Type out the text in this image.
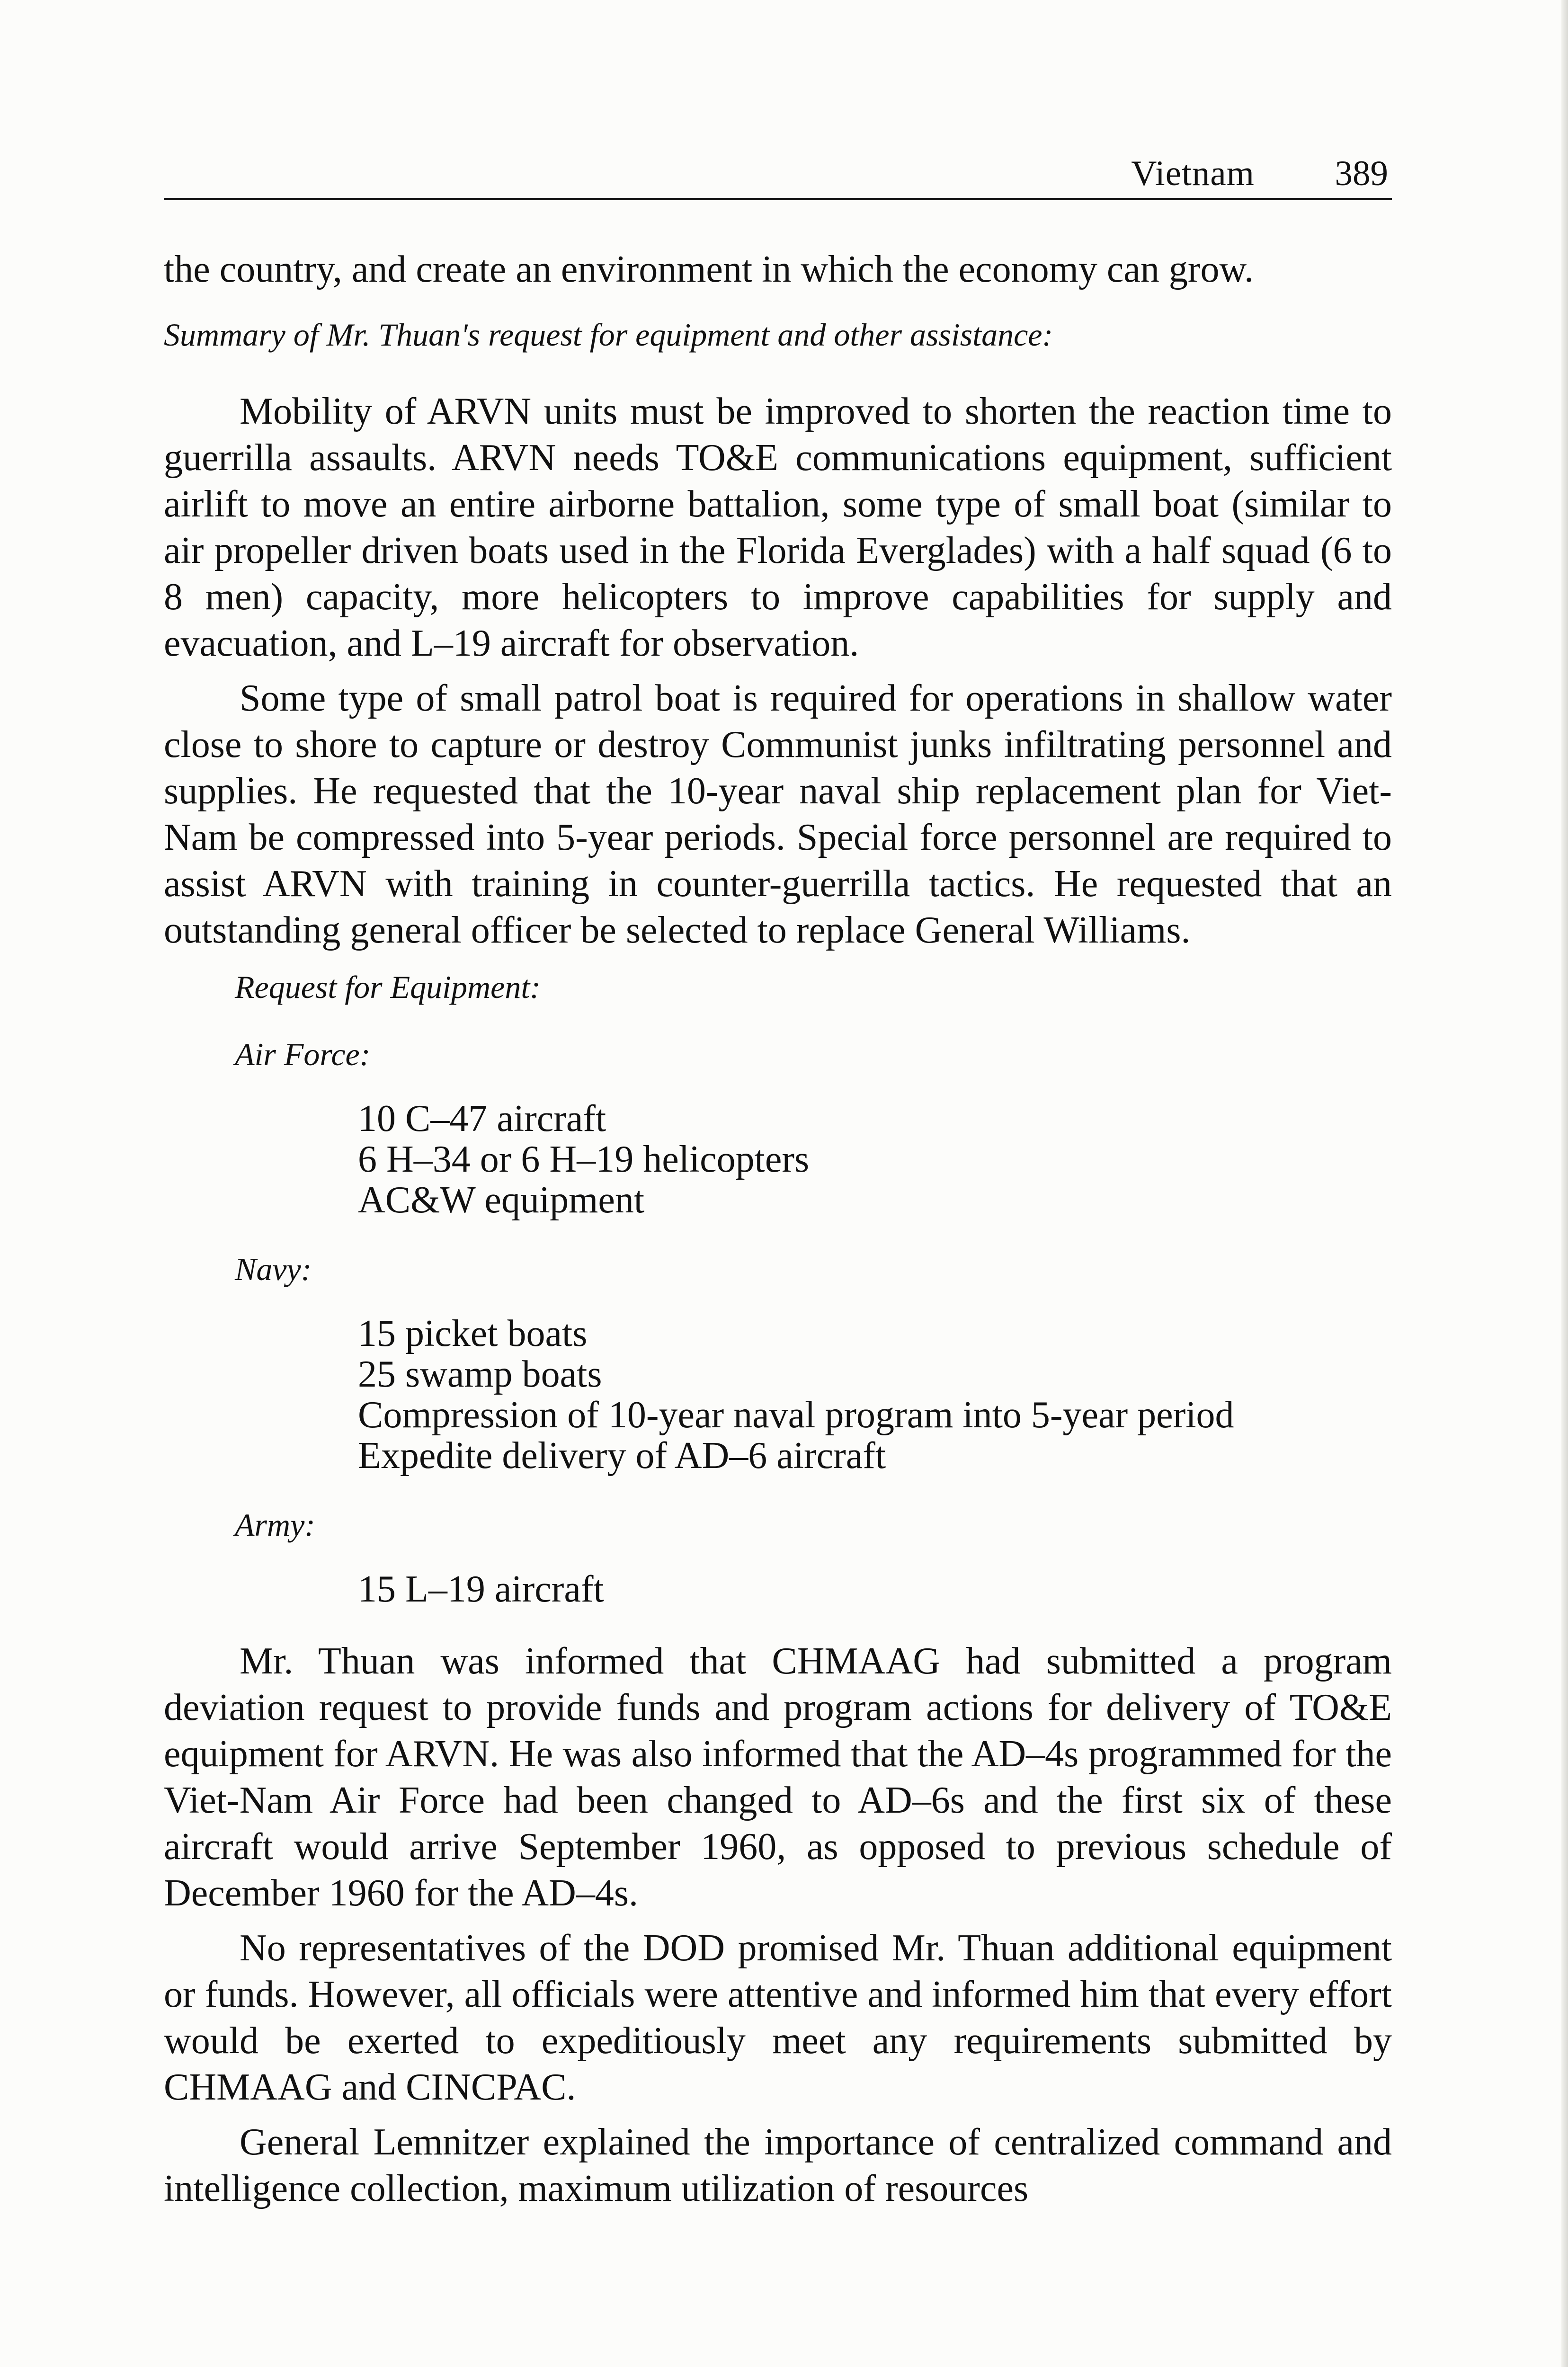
Vietnam 389

the country, and create an environment in which the economy can grow.

Summary of Mr. Thuan's request for equipment and other assistance:

Mobility of ARVN units must be improved to shorten the reaction time to guerrilla assaults. ARVN needs TO&E communications equipment, sufficient airlift to move an entire airborne battalion, some type of small boat (similar to air propeller driven boats used in the Florida Everglades) with a half squad (6 to 8 men) capacity, more helicopters to improve capabilities for supply and evacuation, and L–19 aircraft for observation.

Some type of small patrol boat is required for operations in shallow water close to shore to capture or destroy Communist junks infiltrating personnel and supplies. He requested that the 10-year naval ship replacement plan for Viet-Nam be compressed into 5-year periods. Special force personnel are required to assist ARVN with training in counter-guerrilla tactics. He requested that an outstanding general officer be selected to replace General Williams.

Request for Equipment:
Air Force:
10 C–47 aircraft
6 H–34 or 6 H–19 helicopters
AC&W equipment
Navy:
15 picket boats
25 swamp boats
Compression of 10-year naval program into 5-year period
Expedite delivery of AD–6 aircraft
Army:
15 L–19 aircraft

Mr. Thuan was informed that CHMAAG had submitted a program deviation request to provide funds and program actions for delivery of TO&E equipment for ARVN. He was also informed that the AD–4s programmed for the Viet-Nam Air Force had been changed to AD–6s and the first six of these aircraft would arrive September 1960, as opposed to previous schedule of December 1960 for the AD–4s.

No representatives of the DOD promised Mr. Thuan additional equipment or funds. However, all officials were attentive and informed him that every effort would be exerted to expeditiously meet any requirements submitted by CHMAAG and CINCPAC.

General Lemnitzer explained the importance of centralized command and intelligence collection, maximum utilization of resources
